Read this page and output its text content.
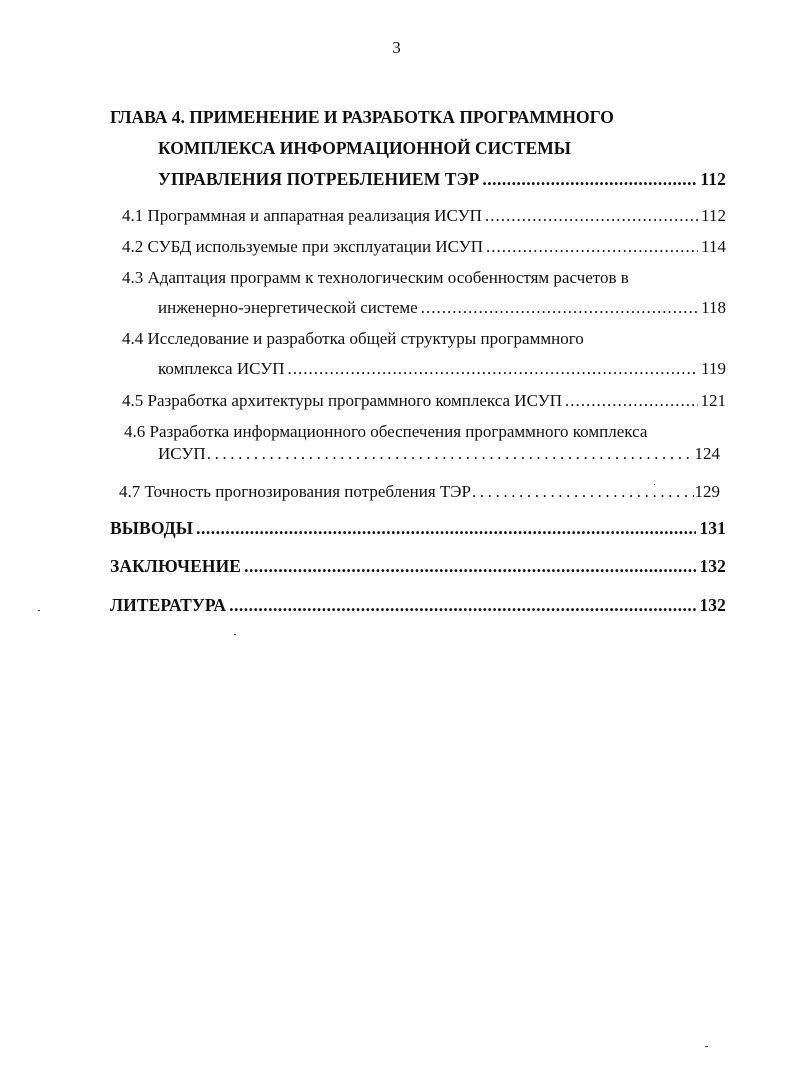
3
ГЛАВА 4. ПРИМЕНЕНИЕ И РАЗРАБОТКА ПРОГРАММНОГО
КОМПЛЕКСА ИНФОРМАЦИОННОЙ СИСТЕМЫ
УПРАВЛЕНИЯ ПОТРЕБЛЕНИЕМ ТЭР .....	112
4.1 Программная и аппаратная реализация ИСУП .....	112
4.2 СУБД используемые при эксплуатации ИСУП .....	114
4.3 Адаптация программ к технологическим особенностям расчетов в
инженерно-энергетической системе .....	118
4.4 Исследование и разработка общей структуры программного
комплекса ИСУП .....	119
4.5 Разработка архитектуры программного комплекса ИСУП .....	121
4.6 Разработка информационного обеспечения программного комплекса
ИСУП .....	124
4.7 Точность прогнозирования потребления ТЭР .....	129
ВЫВОДЫ .....	131
ЗАКЛЮЧЕНИЕ .....	132
ЛИТЕРАТУРА .....	132
